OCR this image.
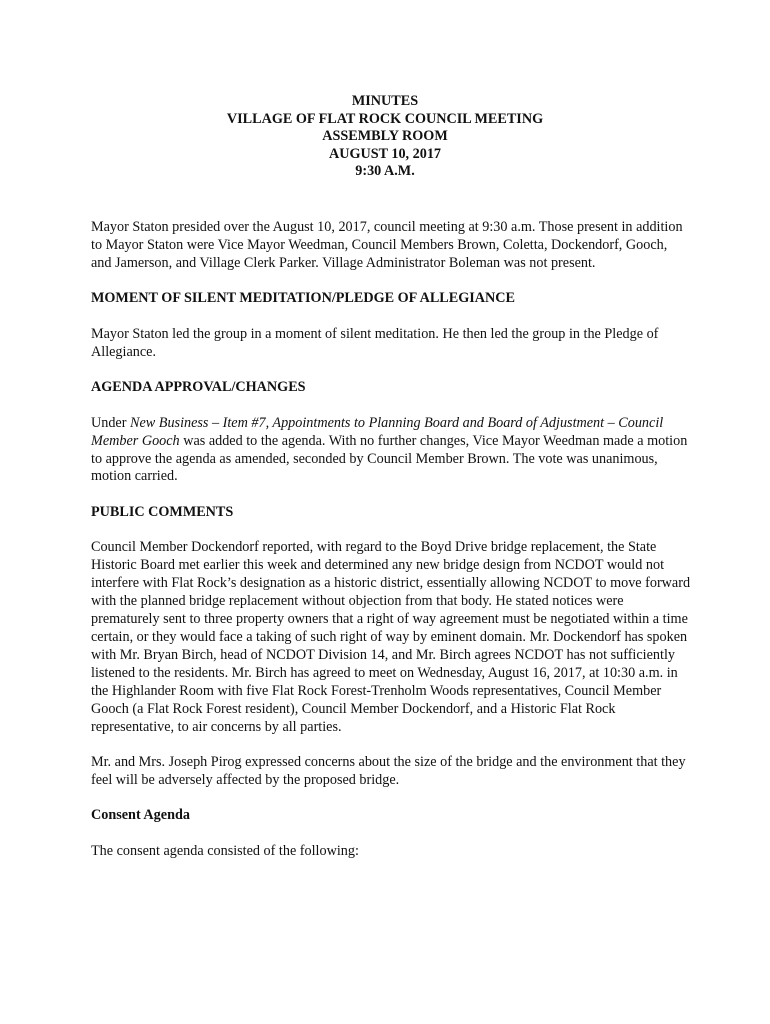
MINUTES
VILLAGE OF FLAT ROCK COUNCIL MEETING
ASSEMBLY ROOM
AUGUST 10, 2017
9:30 A.M.

Mayor Staton presided over the August 10, 2017, council meeting at 9:30 a.m. Those present in addition to Mayor Staton were Vice Mayor Weedman, Council Members Brown, Coletta, Dockendorf, Gooch, and Jamerson, and Village Clerk Parker. Village Administrator Boleman was not present.

MOMENT OF SILENT MEDITATION/PLEDGE OF ALLEGIANCE

Mayor Staton led the group in a moment of silent meditation. He then led the group in the Pledge of Allegiance.

AGENDA APPROVAL/CHANGES

Under New Business – Item #7, Appointments to Planning Board and Board of Adjustment – Council Member Gooch was added to the agenda. With no further changes, Vice Mayor Weedman made a motion to approve the agenda as amended, seconded by Council Member Brown. The vote was unanimous, motion carried.

PUBLIC COMMENTS

Council Member Dockendorf reported, with regard to the Boyd Drive bridge replacement, the State Historic Board met earlier this week and determined any new bridge design from NCDOT would not interfere with Flat Rock’s designation as a historic district, essentially allowing NCDOT to move forward with the planned bridge replacement without objection from that body. He stated notices were prematurely sent to three property owners that a right of way agreement must be negotiated within a time certain, or they would face a taking of such right of way by eminent domain. Mr. Dockendorf has spoken with Mr. Bryan Birch, head of NCDOT Division 14, and Mr. Birch agrees NCDOT has not sufficiently listened to the residents. Mr. Birch has agreed to meet on Wednesday, August 16, 2017, at 10:30 a.m. in the Highlander Room with five Flat Rock Forest-Trenholm Woods representatives, Council Member Gooch (a Flat Rock Forest resident), Council Member Dockendorf, and a Historic Flat Rock representative, to air concerns by all parties.

Mr. and Mrs. Joseph Pirog expressed concerns about the size of the bridge and the environment that they feel will be adversely affected by the proposed bridge.

Consent Agenda

The consent agenda consisted of the following:
